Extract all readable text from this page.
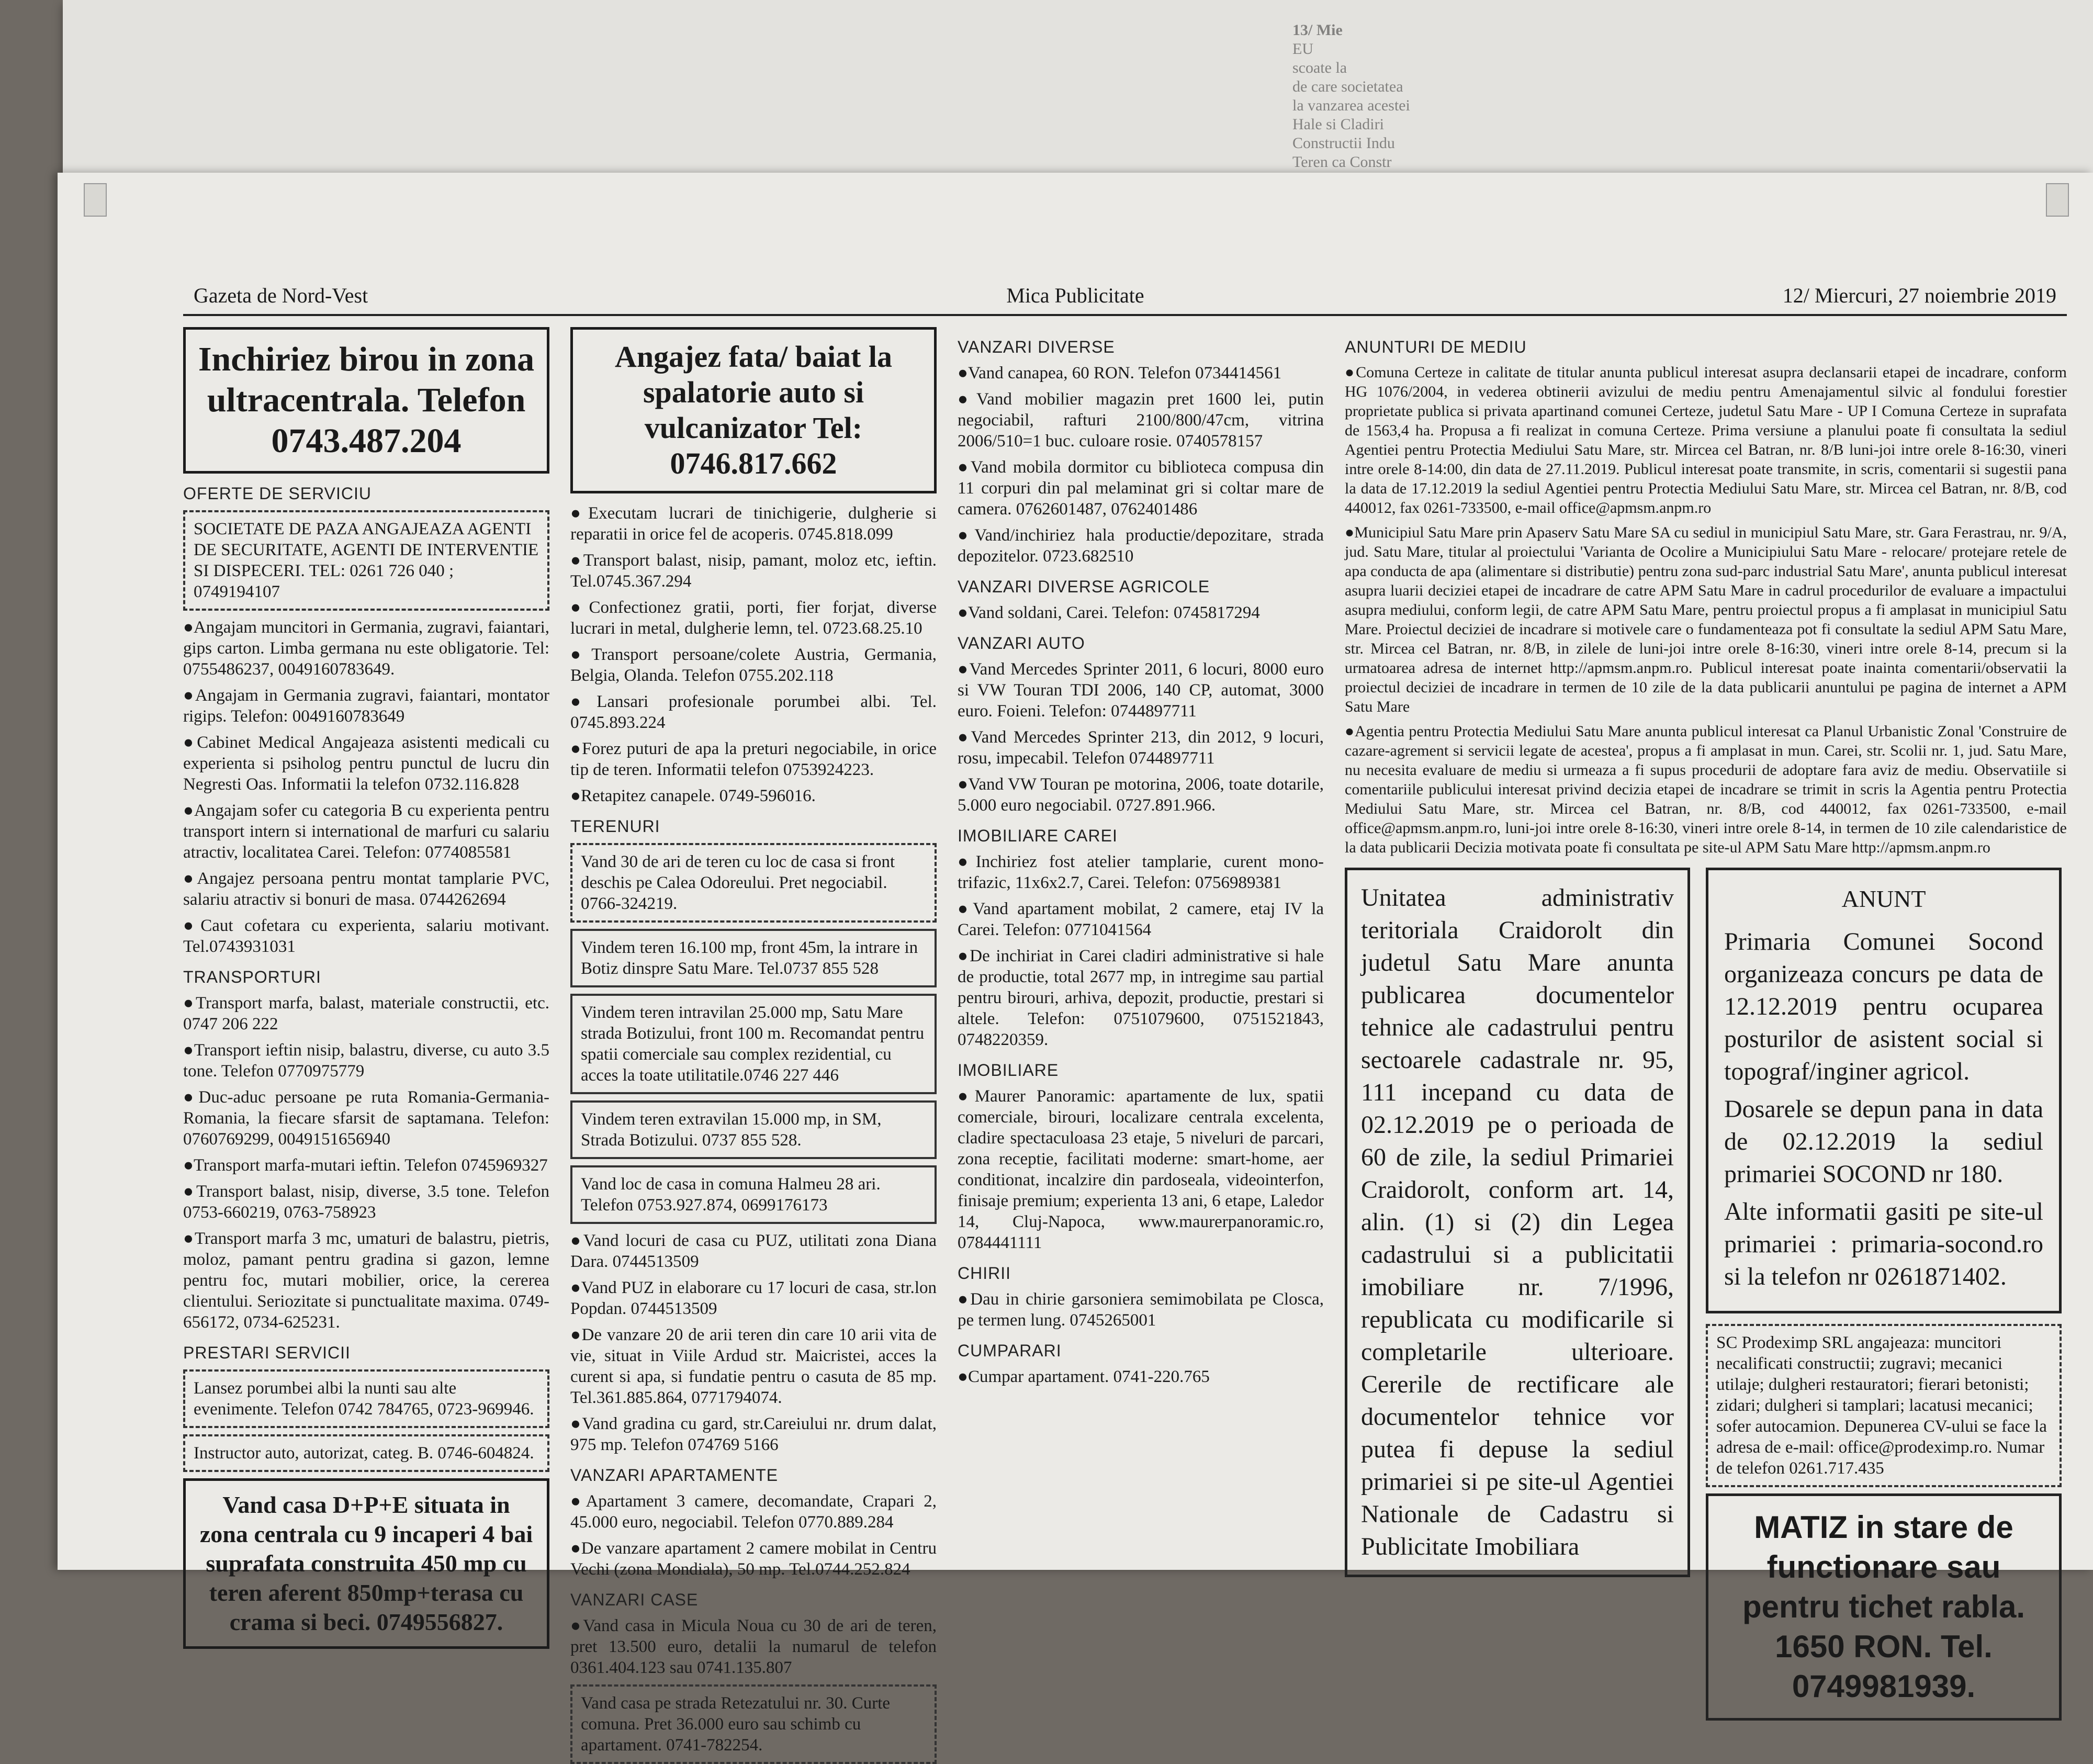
13/ Mie
EU
scoate la
de care societatea
la vanzarea acestei
Hale si Cladiri
Constructii Indu
Teren ca Constr
Gazeta de Nord-Vest	Mica Publicitate	12/ Miercuri, 27 noiembrie 2019
Inchiriez birou in zona ultracentrala. Telefon 0743.487.204
OFERTE DE SERVICIU
SOCIETATE DE PAZA ANGAJEAZA AGENTI DE SECURITATE, AGENTI DE INTERVENTIE SI DISPECERI. TEL: 0261 726 040 ; 0749194107

● Angajam muncitori in Germania, zugravi, faiantari, gips carton. Limba germana nu este obligatorie. Tel: 0755486237, 0049160783649.

● Angajam in Germania zugravi, faiantari, montator rigips. Telefon: 0049160783649

● Cabinet Medical Angajeaza asistenti medicali cu experienta si psiholog pentru punctul de lucru din Negresti Oas. Informatii la telefon 0732.116.828

● Angajam sofer cu categoria B cu experienta pentru transport intern si international de marfuri cu salariu atractiv, localitatea Carei. Telefon: 0774085581

● Angajez persoana pentru montat tamplarie PVC, salariu atractiv si bonuri de masa. 0744262694

● Caut cofetara cu experienta, salariu motivant. Tel.0743931031

TRANSPORTURI

● Transport marfa, balast, materiale constructii, etc. 0747 206 222

● Transport ieftin nisip, balastru, diverse, cu auto 3.5 tone. Telefon 0770975779

● Duc-aduc persoane pe ruta Romania-Germania-Romania, la fiecare sfarsit de saptamana. Telefon: 0760769299, 0049151656940

● Transport marfa-mutari ieftin. Telefon 0745969327

● Transport balast, nisip, diverse, 3.5 tone. Telefon 0753-660219, 0763-758923

● Transport marfa 3 mc, umaturi de balastru, pietris, moloz, pamant pentru gradina si gazon, lemne pentru foc, mutari mobilier, orice, la cererea clientului. Seriozitate si punctualitate maxima. 0749-656172, 0734-625231.

PRESTARI SERVICII
Lansez porumbei albi la nunti sau alte evenimente. Telefon 0742 784765, 0723-969946.
Instructor auto, autorizat, categ. B. 0746-604824.
Vand casa D+P+E situata in zona centrala cu 9 incaperi 4 bai suprafata construita 450 mp cu teren aferent 850mp+terasa cu crama si beci. 0749556827.
Angajez fata/ baiat la spalatorie auto si vulcanizator Tel: 0746.817.662

● Executam lucrari de tinichigerie, dulgherie si reparatii in orice fel de acoperis. 0745.818.099

● Transport balast, nisip, pamant, moloz etc, ieftin. Tel.0745.367.294

● Confectionez gratii, porti, fier forjat, diverse lucrari in metal, dulgherie lemn, tel. 0723.68.25.10

● Transport persoane/colete Austria, Germania, Belgia, Olanda. Telefon 0755.202.118

● Lansari profesionale porumbei albi. Tel. 0745.893.224

● Forez puturi de apa la preturi negociabile, in orice tip de teren. Informatii telefon 0753924223.

● Retapitez canapele. 0749-596016.

TERENURI
Vand 30 de ari de teren cu loc de casa si front deschis pe Calea Odoreului. Pret negociabil. 0766-324219.
Vindem teren 16.100 mp, front 45m, la intrare in Botiz dinspre Satu Mare. Tel.0737 855 528
Vindem teren intravilan 25.000 mp, Satu Mare strada Botizului, front 100 m. Recomandat pentru spatii comerciale sau complex rezidential, cu acces la toate utilitatile.0746 227 446
Vindem teren extravilan 15.000 mp, in SM, Strada Botizului. 0737 855 528.
Vand loc de casa in comuna Halmeu 28 ari. Telefon 0753.927.874, 0699176173

● Vand locuri de casa cu PUZ, utilitati zona Diana Dara. 0744513509

● Vand PUZ in elaborare cu 17 locuri de casa, str.lon Popdan. 0744513509

● De vanzare 20 de arii teren din care 10 arii vita de vie, situat in Viile Ardud str. Maicristei, acces la curent si apa, si fundatie pentru o casuta de 85 mp. Tel.361.885.864, 0771794074.

● Vand gradina cu gard, str.Careiului nr. drum dalat, 975 mp. Telefon 074769 5166

VANZARI APARTAMENTE

● Apartament 3 camere, decomandate, Crapari 2, 45.000 euro, negociabil. Telefon 0770.889.284

● De vanzare apartament 2 camere mobilat in Centru Vechi (zona Mondiala), 50 mp. Tel.0744.252.824

VANZARI CASE

● Vand casa in Micula Noua cu 30 de ari de teren, pret 13.500 euro, detalii la numarul de telefon 0361.404.123 sau 0741.135.807

Vand casa pe strada Retezatului nr. 30. Curte comuna. Pret 36.000 euro sau schimb cu apartament. 0741-782254.
VANZARI DIVERSE

● Vand canapea, 60 RON. Telefon 0734414561

● Vand mobilier magazin pret 1600 lei, putin negociabil, rafturi 2100/800/47cm, vitrina 2006/510=1 buc. culoare rosie. 0740578157

● Vand mobila dormitor cu biblioteca compusa din 11 corpuri din pal melaminat gri si coltar mare de camera. 0762601487, 0762401486

● Vand/inchiriez hala productie/depozitare, strada depozitelor. 0723.682510

VANZARI DIVERSE AGRICOLE

● Vand soldani, Carei. Telefon: 0745817294

VANZARI AUTO

● Vand Mercedes Sprinter 2011, 6 locuri, 8000 euro si VW Touran TDI 2006, 140 CP, automat, 3000 euro. Foieni. Telefon: 0744897711

● Vand Mercedes Sprinter 213, din 2012, 9 locuri, rosu, impecabil. Telefon 0744897711

● Vand VW Touran pe motorina, 2006, toate dotarile, 5.000 euro negociabil. 0727.891.966.

IMOBILIARE CAREI

● Inchiriez fost atelier tamplarie, curent mono-trifazic, 11x6x2.7, Carei. Telefon: 0756989381

● Vand apartament mobilat, 2 camere, etaj IV la Carei. Telefon: 0771041564

● De inchiriat in Carei cladiri administrative si hale de productie, total 2677 mp, in intregime sau partial pentru birouri, arhiva, depozit, productie, prestari si altele. Telefon: 0751079600, 0751521843, 0748220359.

IMOBILIARE

● Maurer Panoramic: apartamente de lux, spatii comerciale, birouri, localizare centrala excelenta, cladire spectaculoasa 23 etaje, 5 niveluri de parcari, zona receptie, facilitati moderne: smart-home, aer conditionat, incalzire din pardoseala, videointerfon, finisaje premium; experienta 13 ani, 6 etape, Laledor 14, Cluj-Napoca, www.maurerpanoramic.ro, 0784441111

CHIRII

● Dau in chirie garsoniera semimobilata pe Closca, pe termen lung. 0745265001

CUMPARARI

● Cumpar apartament. 0741-220.765

ANUNTURI DE MEDIU

● Comuna Certeze in calitate de titular anunta publicul interesat asupra declansarii etapei de incadrare, conform HG 1076/2004, in vederea obtinerii avizului de mediu pentru Amenajamentul silvic al fondului forestier proprietate publica si privata apartinand comunei Certeze, judetul Satu Mare - UP I Comuna Certeze in suprafata de 1563,4 ha. Propusa a fi realizat in comuna Certeze. Prima versiune a planului poate fi consultata la sediul Agentiei pentru Protectia Mediului Satu Mare, str. Mircea cel Batran, nr. 8/B luni-joi intre orele 8-16:30, vineri intre orele 8-14:00, din data de 27.11.2019. Publicul interesat poate transmite, in scris, comentarii si sugestii pana la data de 17.12.2019 la sediul Agentiei pentru Protectia Mediului Satu Mare, str. Mircea cel Batran, nr. 8/B, cod 440012, fax 0261-733500, e-mail office@apmsm.anpm.ro

● Municipiul Satu Mare prin Apaserv Satu Mare SA cu sediul in municipiul Satu Mare, str. Gara Ferastrau, nr. 9/A, jud. Satu Mare, titular al proiectului 'Varianta de Ocolire a Municipiului Satu Mare - relocare/ protejare retele de apa conducta de apa (alimentare si distributie) pentru zona sud-parc industrial Satu Mare', anunta publicul interesat asupra luarii deciziei etapei de incadrare de catre APM Satu Mare in cadrul procedurilor de evaluare a impactului asupra mediului, conform legii, de catre APM Satu Mare, pentru proiectul propus a fi amplasat in municipiul Satu Mare. Proiectul deciziei de incadrare si motivele care o fundamenteaza pot fi consultate la sediul APM Satu Mare, str. Mircea cel Batran, nr. 8/B, in zilele de luni-joi intre orele 8-16:30, vineri intre orele 8-14, precum si la urmatoarea adresa de internet http://apmsm.anpm.ro. Publicul interesat poate inainta comentarii/observatii la proiectul deciziei de incadrare in termen de 10 zile de la data publicarii anuntului pe pagina de internet a APM Satu Mare

● Agentia pentru Protectia Mediului Satu Mare anunta publicul interesat ca Planul Urbanistic Zonal 'Construire de cazare-agrement si servicii legate de acestea', propus a fi amplasat in mun. Carei, str. Scolii nr. 1, jud. Satu Mare, nu necesita evaluare de mediu si urmeaza a fi supus procedurii de adoptare fara aviz de mediu. Observatiile si comentariile publicului interesat privind decizia etapei de incadrare se trimit in scris la Agentia pentru Protectia Mediului Satu Mare, str. Mircea cel Batran, nr. 8/B, cod 440012, fax 0261-733500, e-mail office@apmsm.anpm.ro, luni-joi intre orele 8-16:30, vineri intre orele 8-14, in termen de 10 zile calendaristice de la data publicarii Decizia motivata poate fi consultata pe site-ul APM Satu Mare http://apmsm.anpm.ro

Unitatea administrativ teritoriala Craidorolt din judetul Satu Mare anunta publicarea documentelor tehnice ale cadastrului pentru sectoarele cadastrale nr. 95, 111 incepand cu data de 02.12.2019 pe o perioada de 60 de zile, la sediul Primariei Craidorolt, conform art. 14, alin. (1) si (2) din Legea cadastrului si a publicitatii imobiliare nr. 7/1996, republicata cu modificarile si completarile ulterioare. Cererile de rectificare ale documentelor tehnice vor putea fi depuse la sediul primariei si pe site-ul Agentiei Nationale de Cadastru si Publicitate Imobiliara
ANUNT

Primaria Comunei Socond organizeaza concurs pe data de 12.12.2019 pentru ocuparea posturilor de asistent social si topograf/inginer agricol.

Dosarele se depun pana in data de 02.12.2019 la sediul primariei SOCOND nr 180.

Alte informatii gasiti pe site-ul primariei : primaria-socond.ro si la telefon nr 0261871402.

SC Prodeximp SRL angajeaza: muncitori necalificati constructii; zugravi; mecanici utilaje; dulgheri restauratori; fierari betonisti; zidari; dulgheri si tamplari; lacatusi mecanici; sofer autocamion. Depunerea CV-ului se face la adresa de e-mail: office@prodeximp.ro. Numar de telefon 0261.717.435
MATIZ in stare de functionare sau pentru tichet rabla. 1650 RON. Tel. 0749981939.
